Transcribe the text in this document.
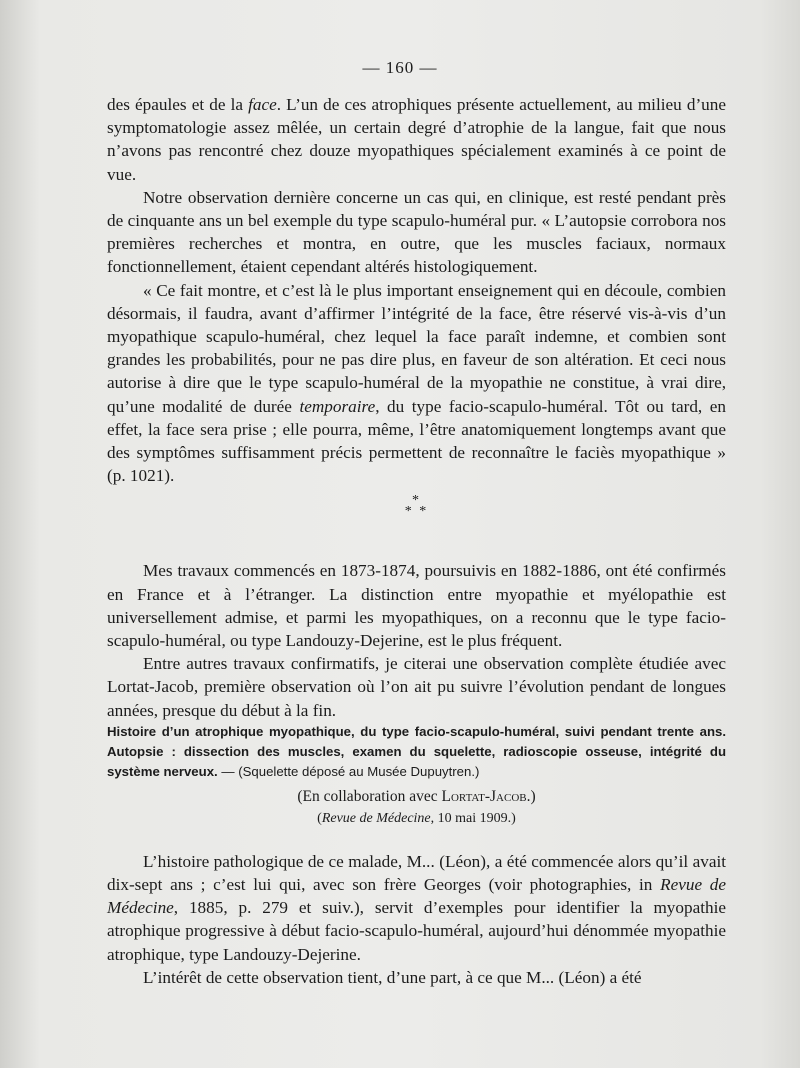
— 160 —

des épaules et de la face. L’un de ces atrophiques présente actuellement, au milieu d’une symptomatologie assez mêlée, un certain degré d’atrophie de la langue, fait que nous n’avons pas rencontré chez douze myopathiques spécialement examinés à ce point de vue.

Notre observation dernière concerne un cas qui, en clinique, est resté pendant près de cinquante ans un bel exemple du type scapulo-huméral pur. « L’autopsie corrobora nos premières recherches et montra, en outre, que les muscles faciaux, normaux fonctionnellement, étaient cependant altérés histologiquement.

« Ce fait montre, et c’est là le plus important enseignement qui en découle, combien désormais, il faudra, avant d’affirmer l’intégrité de la face, être réservé vis-à-vis d’un myopathique scapulo-huméral, chez lequel la face paraît indemne, et combien sont grandes les probabilités, pour ne pas dire plus, en faveur de son altération. Et ceci nous autorise à dire que le type scapulo-huméral de la myopathie ne constitue, à vrai dire, qu’une modalité de durée temporaire, du type facio-scapulo-huméral. Tôt ou tard, en effet, la face sera prise ; elle pourra, même, l’être anatomiquement longtemps avant que des symptômes suffisamment précis permettent de reconnaître le faciès myopathique » (p. 1021).

*
* *

Mes travaux commencés en 1873-1874, poursuivis en 1882-1886, ont été confirmés en France et à l’étranger. La distinction entre myopathie et myélopathie est universellement admise, et parmi les myopathiques, on a reconnu que le type facio-scapulo-huméral, ou type Landouzy-Dejerine, est le plus fréquent.

Entre autres travaux confirmatifs, je citerai une observation complète étudiée avec Lortat-Jacob, première observation où l’on ait pu suivre l’évolution pendant de longues années, presque du début à la fin.

Histoire d’un atrophique myopathique, du type facio-scapulo-huméral, suivi pendant trente ans. Autopsie : dissection des muscles, examen du squelette, radioscopie osseuse, intégrité du système nerveux. — (Squelette déposé au Musée Dupuytren.)

(En collaboration avec Lortat-Jacob.)
(Revue de Médecine, 10 mai 1909.)

L’histoire pathologique de ce malade, M... (Léon), a été commencée alors qu’il avait dix-sept ans ; c’est lui qui, avec son frère Georges (voir photographies, in Revue de Médecine, 1885, p. 279 et suiv.), servit d’exemples pour identifier la myopathie atrophique progressive à début facio-scapulo-huméral, aujourd’hui dénommée myopathie atrophique, type Landouzy-Dejerine.

L’intérêt de cette observation tient, d’une part, à ce que M... (Léon) a été
